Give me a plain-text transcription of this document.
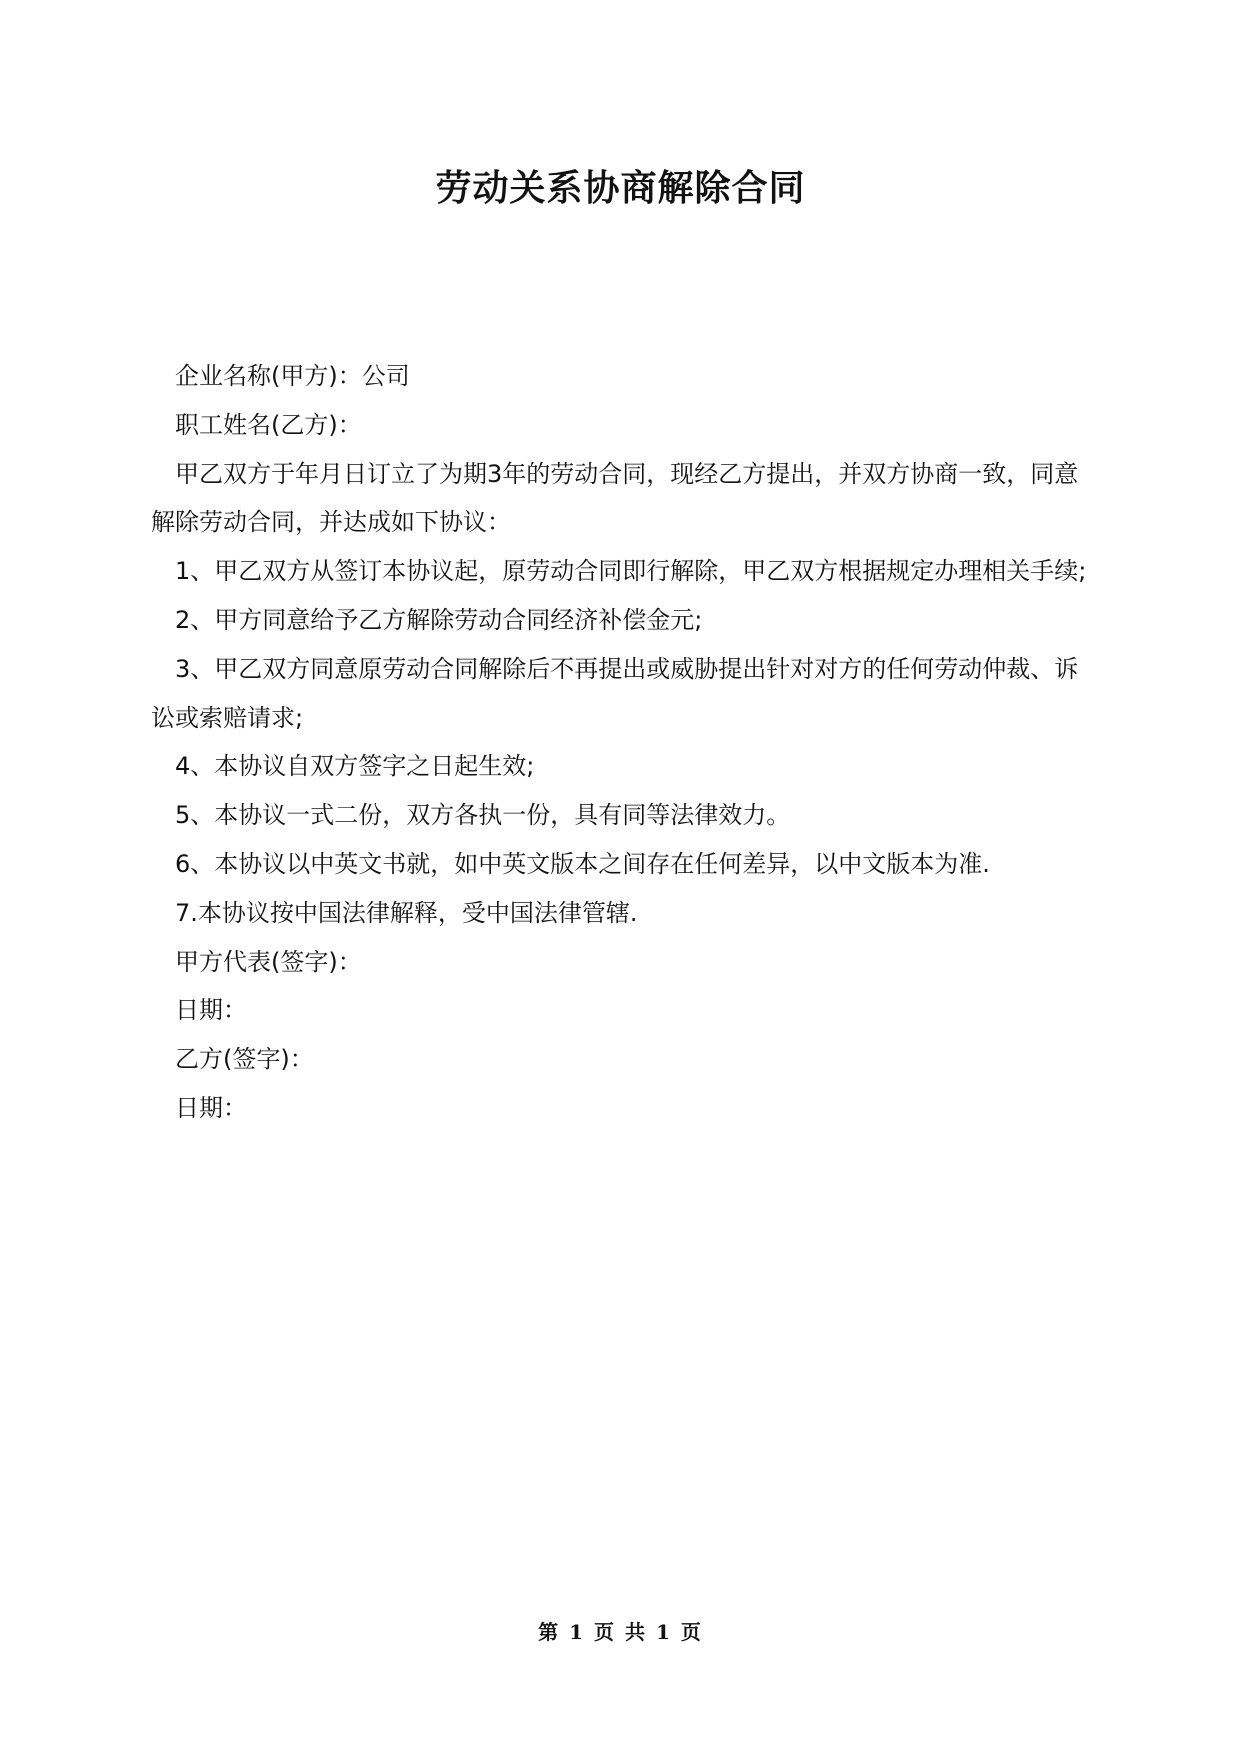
劳动关系协商解除合同

企业名称(甲方)：公司

职工姓名(乙方)：

甲乙双方于年月日订立了为期3年的劳动合同，现经乙方提出，并双方协商一致，同意解除劳动合同，并达成如下协议：

1、甲乙双方从签订本协议起，原劳动合同即行解除，甲乙双方根据规定办理相关手续;

2、甲方同意给予乙方解除劳动合同经济补偿金元;

3、甲乙双方同意原劳动合同解除后不再提出或威胁提出针对对方的任何劳动仲裁、诉讼或索赔请求;

4、本协议自双方签字之日起生效;

5、本协议一式二份，双方各执一份，具有同等法律效力。

6、本协议以中英文书就，如中英文版本之间存在任何差异，以中文版本为准.

7.本协议按中国法律解释，受中国法律管辖.

甲方代表(签字)：

日期：

乙方(签字)：

日期：

第 1 页 共 1 页
